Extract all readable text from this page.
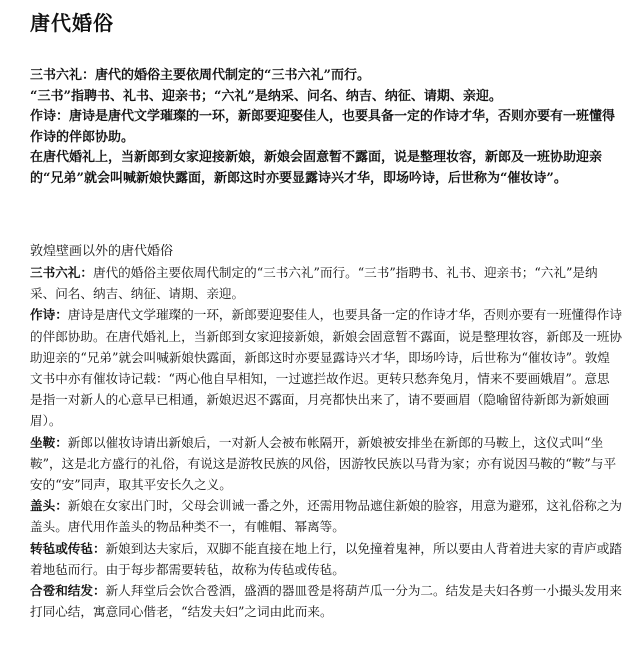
唐代婚俗

三书六礼：唐代的婚俗主要依周代制定的“三书六礼”而行。

“三书”指聘书、礼书、迎亲书；“六礼”是纳采、问名、纳吉、纳征、请期、亲迎。

作诗：唐诗是唐代文学璀璨的一环，新郎要迎娶佳人，也要具备一定的作诗才华，否则亦要有一班懂得作诗的伴郎协助。

在唐代婚礼上，当新郎到女家迎接新娘，新娘会固意暂不露面，说是整理妆容，新郎及一班协助迎亲的“兄弟”就会叫喊新娘快露面，新郎这时亦要显露诗兴才华，即场吟诗，后世称为“催妆诗”。

敦煌壁画以外的唐代婚俗

三书六礼：唐代的婚俗主要依周代制定的“三书六礼”而行。“三书”指聘书、礼书、迎亲书；“六礼”是纳采、问名、纳吉、纳征、请期、亲迎。

作诗：唐诗是唐代文学璀璨的一环，新郎要迎娶佳人，也要具备一定的作诗才华，否则亦要有一班懂得作诗的伴郎协助。在唐代婚礼上，当新郎到女家迎接新娘，新娘会固意暂不露面，说是整理妆容，新郎及一班协助迎亲的“兄弟”就会叫喊新娘快露面，新郎这时亦要显露诗兴才华，即场吟诗，后世称为“催妆诗”。敦煌文书中亦有催妆诗记载：“两心他自早相知，一过遮拦故作迟。更转只愁奔兔月，情来不要画娥眉”。意思是指一对新人的心意早已相通，新娘迟迟不露面，月亮都快出来了，请不要画眉（隐喻留待新郎为新娘画眉）。

坐鞍：新郎以催妆诗请出新娘后，一对新人会被布帐隔开，新娘被安排坐在新郎的马鞍上，这仪式叫“坐鞍”，这是北方盛行的礼俗，有说这是游牧民族的风俗，因游牧民族以马背为家；亦有说因马鞍的“鞍”与平安的“安”同声，取其平安长久之义。

盖头：新娘在女家出门时，父母会训诫一番之外，还需用物品遮住新娘的脸容，用意为避邪，这礼俗称之为盖头。唐代用作盖头的物品种类不一，有帷帽、幂离等。

转毡或传毡：新娘到达夫家后，双脚不能直接在地上行，以免撞着鬼神，所以要由人背着进夫家的青庐或踏着地毡而行。由于每步都需要转毡，故称为传毡或传毡。

合卺和结发：新人拜堂后会饮合卺酒，盛酒的器皿卺是将葫芦瓜一分为二。结发是夫妇各剪一小撮头发用来打同心结，寓意同心偕老，“结发夫妇”之词由此而来。
